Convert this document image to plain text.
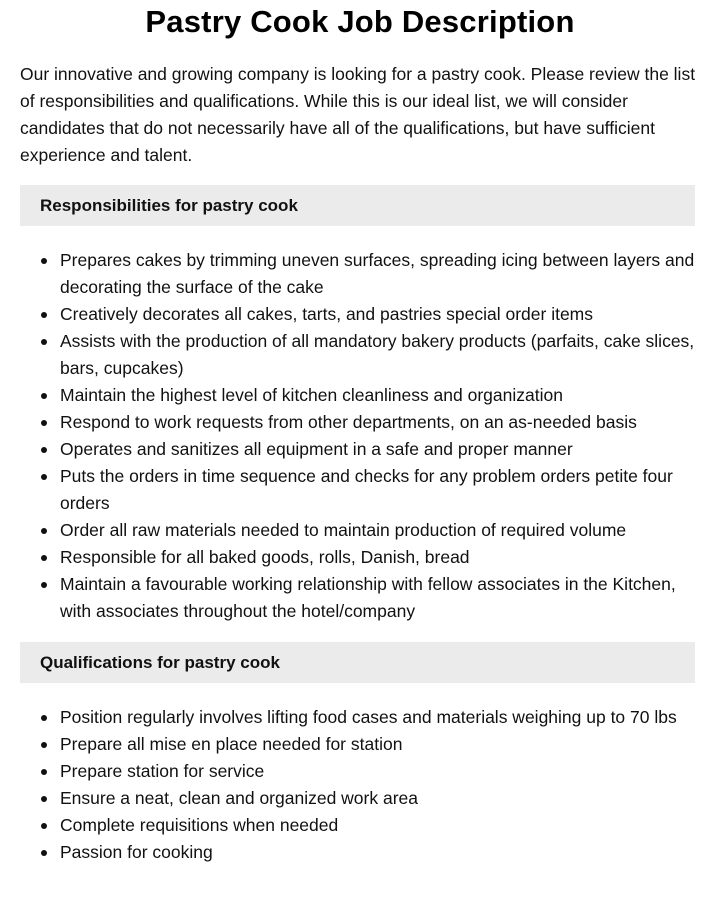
Pastry Cook Job Description

Our innovative and growing company is looking for a pastry cook. Please review the list of responsibilities and qualifications. While this is our ideal list, we will consider candidates that do not necessarily have all of the qualifications, but have sufficient experience and talent.

Responsibilities for pastry cook
Prepares cakes by trimming uneven surfaces, spreading icing between layers and decorating the surface of the cake
Creatively decorates all cakes, tarts, and pastries special order items
Assists with the production of all mandatory bakery products (parfaits, cake slices, bars, cupcakes)
Maintain the highest level of kitchen cleanliness and organization
Respond to work requests from other departments, on an as-needed basis
Operates and sanitizes all equipment in a safe and proper manner
Puts the orders in time sequence and checks for any problem orders petite four orders
Order all raw materials needed to maintain production of required volume
Responsible for all baked goods, rolls, Danish, bread
Maintain a favourable working relationship with fellow associates in the Kitchen, with associates throughout the hotel/company
Qualifications for pastry cook
Position regularly involves lifting food cases and materials weighing up to 70 lbs
Prepare all mise en place needed for station
Prepare station for service
Ensure a neat, clean and organized work area
Complete requisitions when needed
Passion for cooking
